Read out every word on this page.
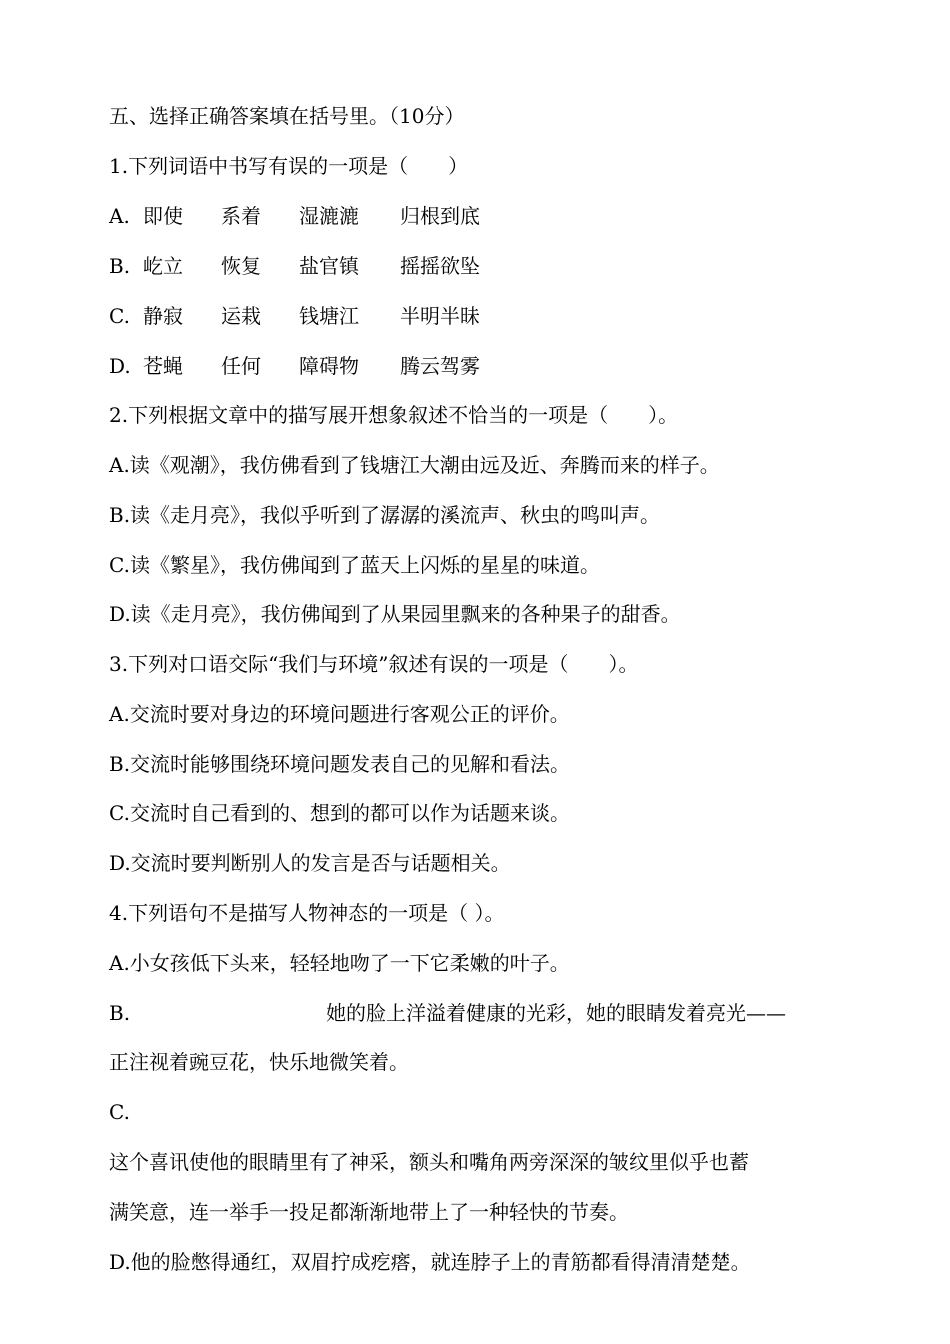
五、选择正确答案填在括号里。（10分）
1.下列词语中书写有误的一项是（　　）
A. 即使 系着 湿漉漉 归根到底
B. 屹立 恢复 盐官镇 摇摇欲坠
C. 静寂 运栽 钱塘江 半明半昧
D. 苍蝇 任何 障碍物 腾云驾雾
2.下列根据文章中的描写展开想象叙述不恰当的一项是（　　）。
A.读《观潮》，我仿佛看到了钱塘江大潮由远及近、奔腾而来的样子。
B.读《走月亮》，我似乎听到了潺潺的溪流声、秋虫的鸣叫声。
C.读《繁星》，我仿佛闻到了蓝天上闪烁的星星的味道。
D.读《走月亮》，我仿佛闻到了从果园里飘来的各种果子的甜香。
3.下列对口语交际“我们与环境”叙述有误的一项是（　　）。
A.交流时要对身边的环境问题进行客观公正的评价。
B.交流时能够围绕环境问题发表自己的见解和看法。
C.交流时自己看到的、想到的都可以作为话题来谈。
D.交流时要判断别人的发言是否与话题相关。
4.下列语句不是描写人物神态的一项是（ ）。
A.小女孩低下头来，轻轻地吻了一下它柔嫩的叶子。
B.	她的脸上洋溢着健康的光彩，她的眼睛发着亮光——
正注视着豌豆花，快乐地微笑着。
C.
这个喜讯使他的眼睛里有了神采，额头和嘴角两旁深深的皱纹里似乎也蓄
满笑意，连一举手一投足都渐渐地带上了一种轻快的节奏。
D.他的脸憋得通红，双眉拧成疙瘩，就连脖子上的青筋都看得清清楚楚。
